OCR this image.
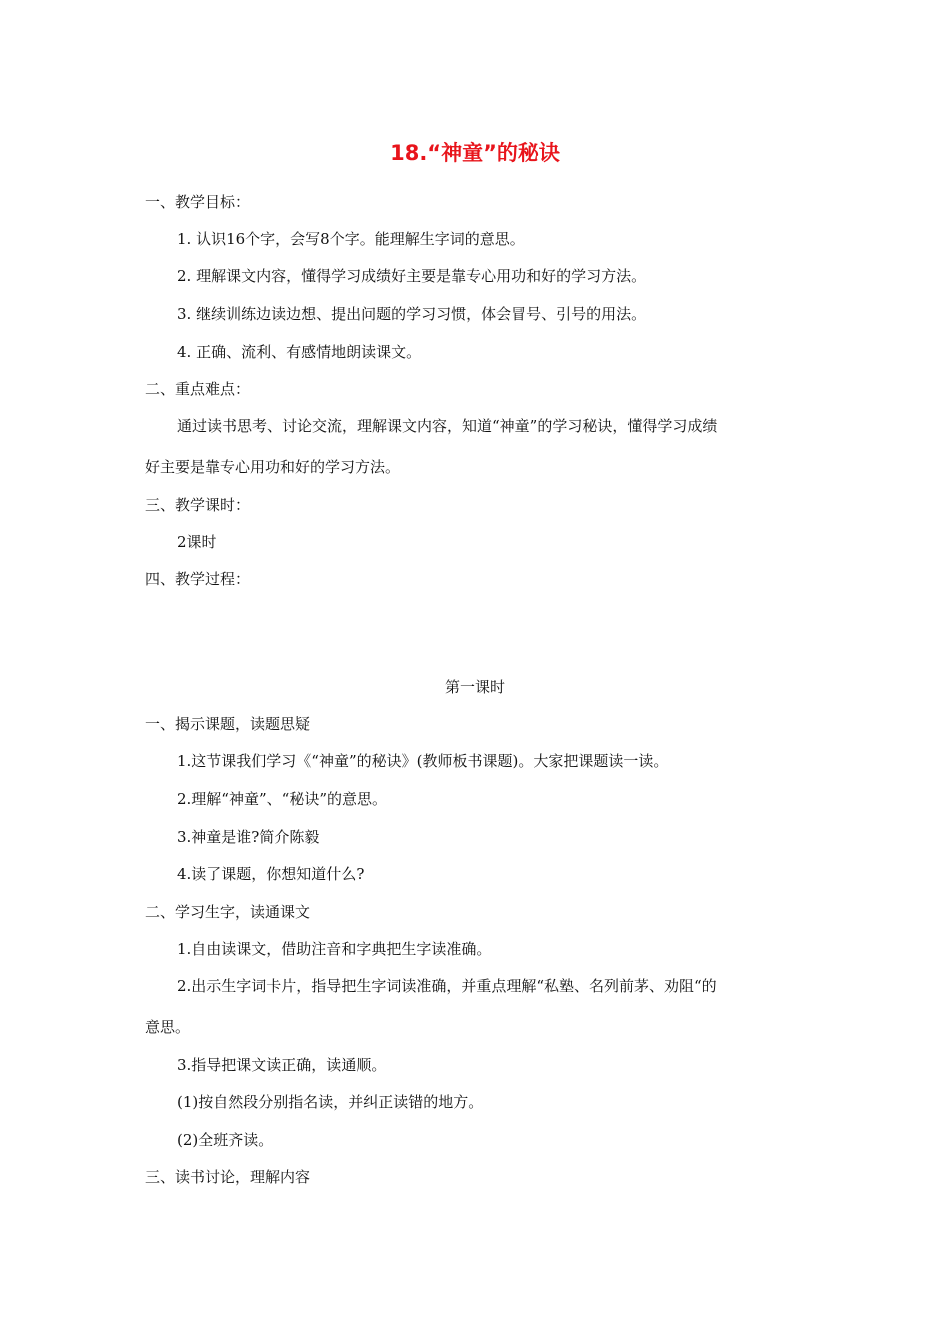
18.“神童”的秘诀
一、教学目标：
1. 认识16个字，会写8个字。能理解生字词的意思。
2. 理解课文内容，懂得学习成绩好主要是靠专心用功和好的学习方法。
3. 继续训练边读边想、提出问题的学习习惯，体会冒号、引号的用法。
4. 正确、流利、有感情地朗读课文。
二、重点难点：
通过读书思考、讨论交流，理解课文内容，知道“神童”的学习秘诀，懂得学习成绩
好主要是靠专心用功和好的学习方法。
三、教学课时：
2课时
四、教学过程：
第一课时
一、揭示课题，读题思疑
1.这节课我们学习《“神童”的秘诀》(教师板书课题)。大家把课题读一读。
2.理解“神童”、“秘诀”的意思。
3.神童是谁?简介陈毅
4.读了课题，你想知道什么?
二、学习生字，读通课文
1.自由读课文，借助注音和字典把生字读准确。
2.出示生字词卡片，指导把生字词读准确，并重点理解“私塾、名列前茅、劝阻“的
意思。
3.指导把课文读正确，读通顺。
(1)按自然段分别指名读，并纠正读错的地方。
(2)全班齐读。
三、读书讨论，理解内容
